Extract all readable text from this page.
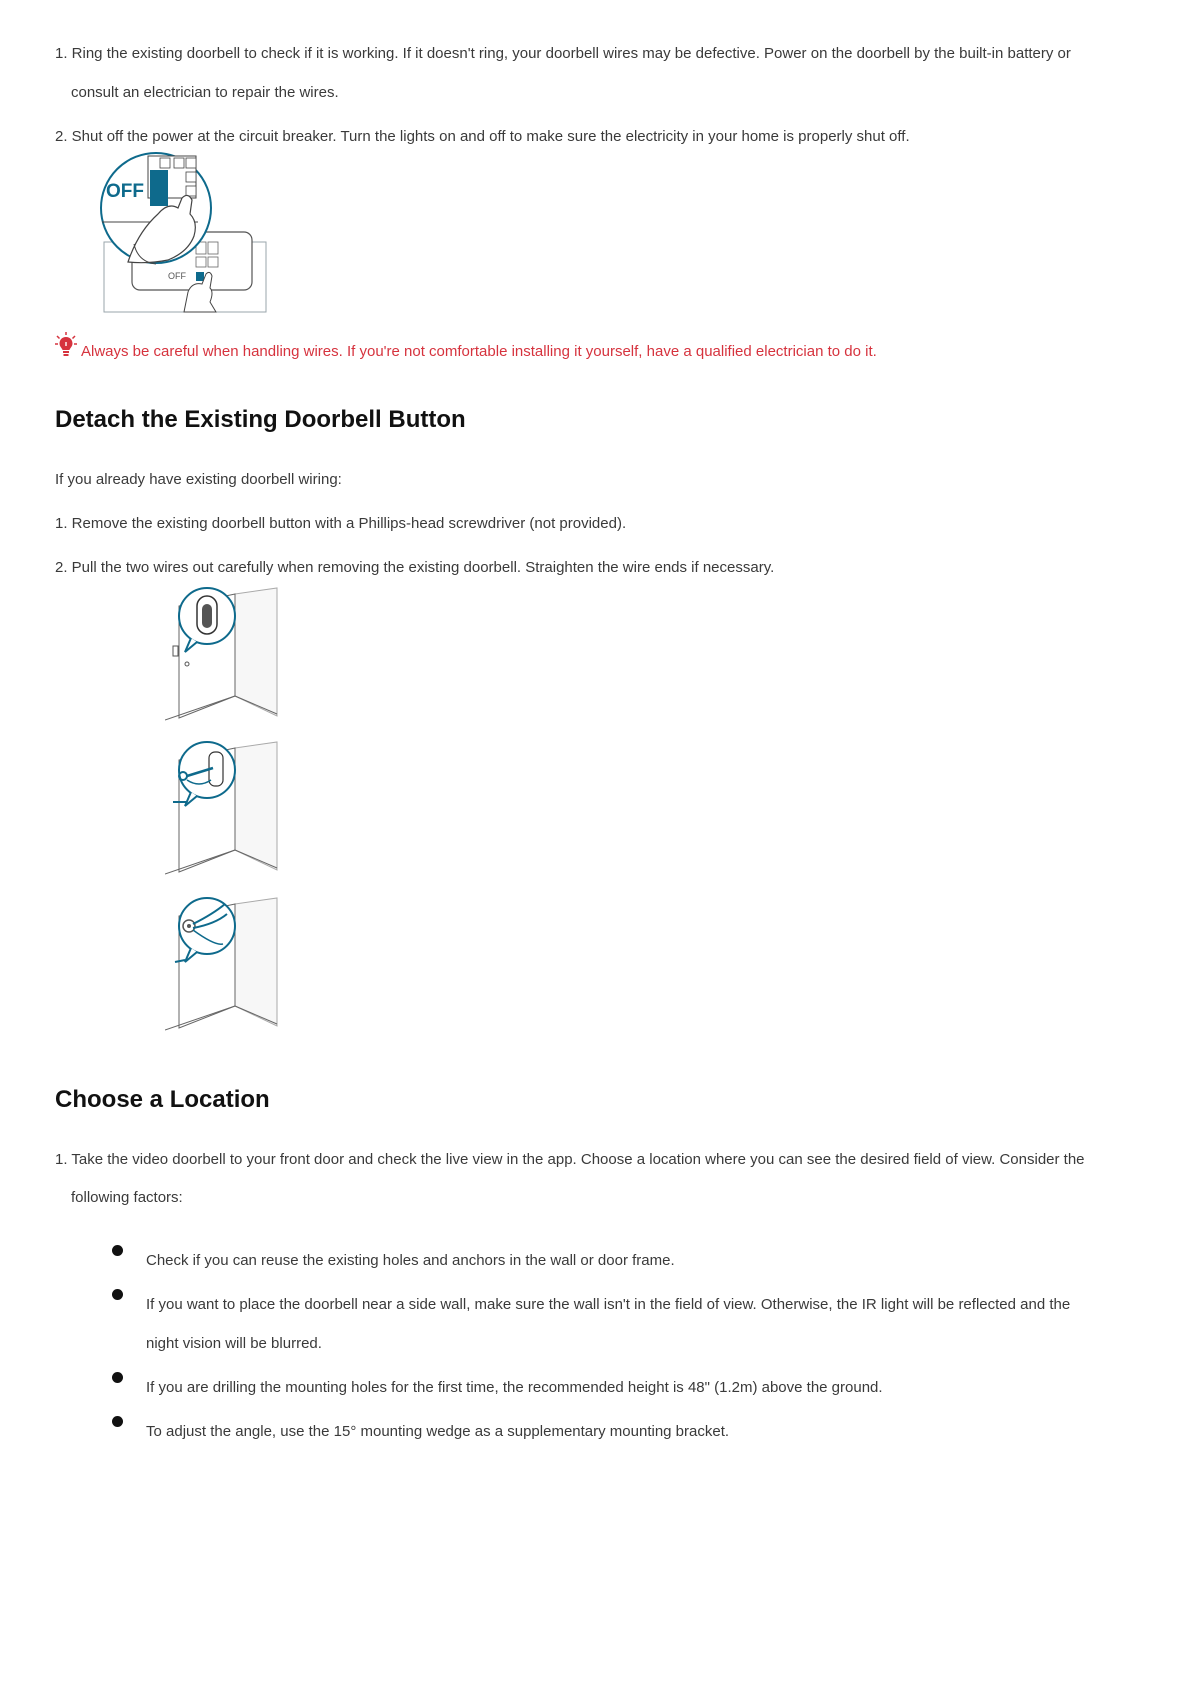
1. Ring the existing doorbell to check if it is working. If it doesn't ring, your doorbell wires may be defective. Power on the doorbell by the built-in battery or
consult an electrician to repair the wires.
2. Shut off the power at the circuit breaker. Turn the lights on and off to make sure the electricity in your home is properly shut off.
OFF
OFF
Always be careful when handling wires. If you're not comfortable installing it yourself, have a qualified electrician to do it.
Detach the Existing Doorbell Button
If you already have existing doorbell wiring:
1. Remove the existing doorbell button with a Phillips-head screwdriver (not provided).
2. Pull the two wires out carefully when removing the existing doorbell. Straighten the wire ends if necessary.
Choose a Location
1. Take the video doorbell to your front door and check the live view in the app. Choose a location where you can see the desired field of view. Consider the
following factors:
Check if you can reuse the existing holes and anchors in the wall or door frame.
If you want to place the doorbell near a side wall, make sure the wall isn't in the field of view. Otherwise, the IR light will be reflected and the
night vision will be blurred.
If you are drilling the mounting holes for the first time, the recommended height is 48" (1.2m) above the ground.
To adjust the angle, use the 15° mounting wedge as a supplementary mounting bracket.
